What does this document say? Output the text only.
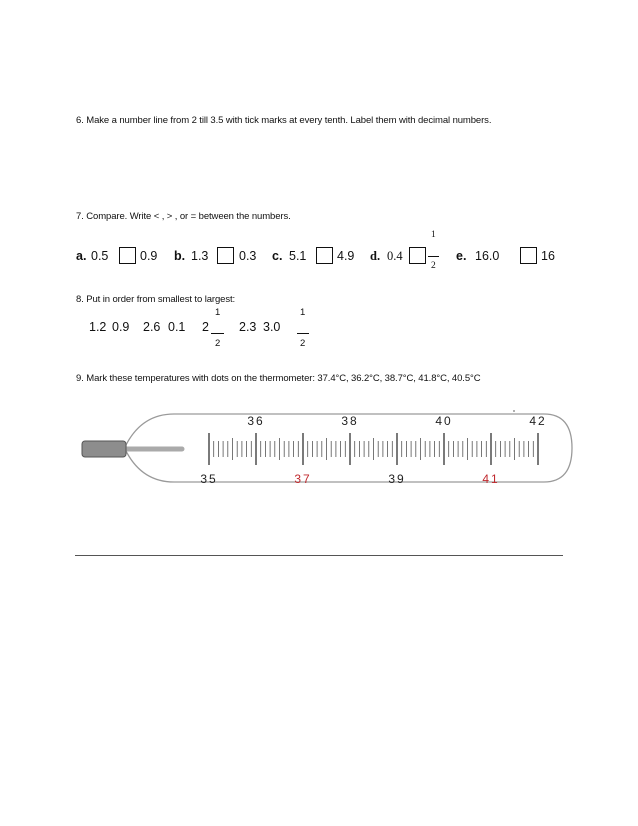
6. Make a number line from 2 till 3.5 with tick marks at every tenth. Label them with decimal numbers.
7. Compare. Write < , > , or = between the numbers.
a. 0.5	0.9 b. 1.3 0.3 c. 5.1 4.9 d. 0.4
1
2
e. 16.0	16
8. Put in order from smallest to largest:
1.2 0.9 2.6 0.1
1
2
2
2.3 3.0
1
2
9. Mark these temperatures with dots on the thermometer: 37.4°C, 36.2°C, 38.7°C, 41.8°C, 40.5°C
36	38	40	42
35	37	39	41
